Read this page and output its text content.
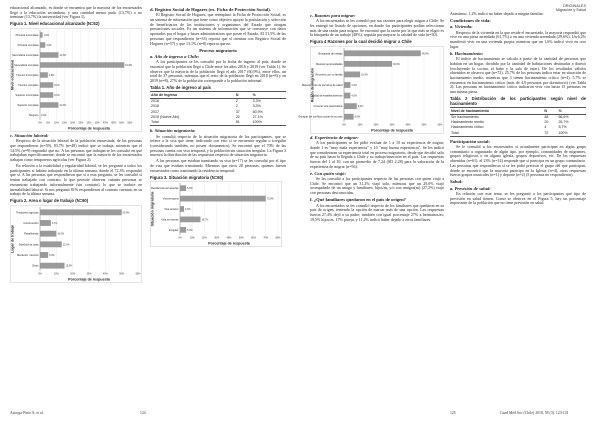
educacional alcanzado, es donde se encuentra que la mayoría de los encuestados llegó a la educación secundaria, y una cantidad menor pudo (13,7%) o no terminar (13,7%) la universidad (ver Figura 1).

Figura 1. Nivel educacional alcanzado (N=62)
Nivel educacional
0%	5%	10%	15%	20%	25%	30%	35%	40%	45%	50%	55%
Primaria incompleta 1,6%
Primaria completa	3,2%
Secundaria incompleta	11,3%
Secundaria completa	51,6%
Técnico incompleto	4,8%
Técnico completo	8,1%
Superior incompleta	8,1%
Superior completa	11,3%
Ninguno 0,0%
Porcentaje de respuesta
c. Situación laboral:

Respecto de la situación laboral de la población encuestada, de las personas que respondieron (n=59), 83,7% (n=48) indicó que se trabaja, mientras que el 14,5% (n=9) respondió que no. A las personas que trabajan se les consultó en qué trabajaban específicamente, donde se encontró que la mayoría de los encuestados trabajan como temporeros agrícolas (ver Figura 2).

En relación a la estabilidad y regularidad laboral, se les preguntó a todos los participantes si habían trabajado en la última semana, donde el 72,3% respondió que sí. A las personas que respondieron que sí a esta pregunta, se les consultó si tenían trabajado con contrato, lo que permite observar cuántas personas se encuentran trabajando informalmente (sin contrato), lo que se traduce en inestabilidad laboral. Si nos preguntó 81% respondieron al contrato cuentan, en su trabajo de la última semana.

Figura 2. Area o lugar de trabajo (N=60)
Lugar de trabajo
0%	10%	20%	30%	40%	50%	60%
Temporero agrícola	50,0%
Construcción	6,7%
Retail/tienda	10,0%
Dueño/a de casa	13,3%
Mecánico / técnico	5,0%
Otros	15,0%
Porcentaje de respuesta
d. Registro Social de Hogares (ex. Ficha de Protección Social).

El Registro Social de Hogares, que reemplazó la Ficha de Protección Social, es un sistema de información que tiene como objetivo apoyar la postulación y selección de beneficiarios de las instituciones y organismos del Estado que otorgan prestaciones sociales. Es un sistema de información que se construye con datos aportados por el hogar y bases administrativas que posee el Estado. El 51,5% de las personas que respondieron (n=33) reporta que sí cuentan con Registro Social de Hogares (n=57) y que 13,1% (n=8) reporta que no.

Proceso migratorio
a. Año de ingreso a Chile:

A los participantes se les consultó por la fecha de ingreso al país, donde se encontró que la población llegó a Chile entre los años 2016 y 2019 (ver Tabla 1). Se observa que la mayoría de la población llegó el año 2017 (60,9%), entre ellos, un total de 37 personas, mientras que el resto de la población llegó en 2018 (n=8) y en 2019 (n=8), 27% de la población corresponde a la población informal.

Tabla 1. Año de ingreso al país
Año de ingreso	N	%
2016	2	3,3%
2018	2	3,3%
2017	37	60,9%
2019 (Nueve Abr)	22	27,1%
Total	61	100%
b. Situación migratoria:

Se consultó respecto de la situación migratoria de los participantes, que se refiere a la visa que tiene, indicando con esto si se encuentra regular o irregular (considerando también, no poseer documentos). Se encontró que el 70% de las personas cuenta con visa temporal, y la población sin situación irregular. La Figura 3 muestra la distribución de las respuestas respecto de situación migratoria.

A las personas que estaban tramitando su visa (n=17) se les consultó por el tipo de visa que estaban tramitando. Mientras que otros 28 personas, quienes fueron encuestados como tramitando la residencia temporal.

Figura 3. Situación migratoria (N=60)
Situación migratoria
0%	10%	20%	30%	40%	50%	60%	70%	80%
Residencia permanente	5,0%
Visa temporal	70,0%
Visa turismo	3,3%
Visa en trámite	16,7%
Irregular	5,0%
Porcentaje de respuesta
Astorga-Pinto S, et al.	124
ORIGINALES
Migración y Salud
c. Razones para migrar:

A los encuestados se les consultó por sus razones para elegir migrar a Chile. Se les entregó un listado de opciones, en donde los participantes podían seleccionar más de una razón para migrar. Se encontró que la razón por la que más se eligió es la búsqueda de un trabajo (48%), seguida por mejorar la calidad de vida (n=30).

Figura 4 Razones por la cual decidió migrar a Chile
Razón de migración
0%	10%	20%	30%	40%	50%	60%
Búsqueda de trabajo	48,0%
Mejores oportunidades	30,0%
Reunirse con su familia	10,0%
Mejoramiento de servicios de salud	4,0%
Calidad de establecimientos	4,0%
Conocer otra país/cultura	8,0%
Escapar del conflicto social de su país	6,0%
Porcentaje de respuesta
d. Experiencia de migrar:

A los participantes se les pidió evaluar de 1 a 10 su experiencia de migrar, donde 1 es "muy mala experiencia" y 10 "muy buena experiencia". Se les indicó que consideraran su experiencia total en proceso migratorio, desde que decidió salir de su país hasta la llegada a Chile y su trabajo/inserción en el país. Las respuestas fueron del 1 al 10, con un promedio de 7,24 (SD 2,28) para la valoración de la experiencia de migrar (n=56).

e. Con quién viajó:

Se les consultó a los participantes respecto de las personas con quien viajó a Chile. Se encontró que un 31,2% viajó solo, mientras que un 29,0% viajó acompañado de un amigo y familiares, hijos/as, y/o con amigos(as) (27,2%) viajó con personas desconocidas.

f. ¿Qué familiares quedaron en el país de origen?

A los encuestados se les consultó respecto de los familiares que quedaron en su país de origen, teniendo la opción de marcar más de una opción. Las respuestas fueron 27,4% dejó a su padre; también con igual porcentaje 27% a hermanos/as; 19,5% hijos/as, 17% pareja, y 11,2% indicó haber dejado a otros familiares.

Asimismo, 1,2% indicó no haber dejado a ningún familiar.

Condiciones de vida:
a. Vivienda:

Respecto de la vivienda en la que reside el encuestado, la mayoría respondió que vive en una pieza arrendada (61,7%) o en una vivienda arrendada (29,6%). Un 6,2% manifestó vivir en una vivienda propia, mientras que un 1,6% indicó vivir en otro lugar.

b. Hacinamiento:

El índice de hacinamiento se calcula a partir de la cantidad de personas que habitan en un hogar, dividido por la cantidad de habitaciones destinadas a dormir (excluyendo la cocina, el baño y la sala de estar). De los resultados válidos obtenidos se observa que (n=72), 25,7% de los personas indica estar en situación de hacinamiento medio, mientras que 3 tienen hacinamiento crítico (n=4). 5,7% se encuentra en hacinamiento crítico (más de 4,9 personas por dormitorio) (ver Tabla 2). Las personas en hacinamiento crítico indicaron vivir con hasta 15 personas en una misma pieza.

Tabla 2 Distribución de los participantes según nivel de hacinamiento
Nivel de hacinamiento	N	%
Sin hacinamiento	48	66,6%
Hacinamiento medio	20	25,7%
Hacinamiento crítico	4	5,7%
Total	72	100%
Participación social:

Se le consultó a los encuestados si actualmente participan en algún grupo comunitario u organizado de algún tipo, por ejemplo, comunidades de migrantes, grupos religiosos o en alguna iglesia, grupos deportivos, etc. De las respuestas obtenidas (n=61), el 23% (n=14) responde que sí participa en un grupo comunitario. Las personas que respondieron sí se les pidió precisar el grupo del que participan, donde se encontró que la mayoría participa en la Iglesia (n=4), otras respuestas fueron grupos musicales (n=1) y deporte (n=2) (5 personas no respondieron).

Salud:
a. Previsión de salud:

En relación con este tema, se les preguntó a los participantes qué tipo de previsión en salud tienen. Como se observa en el Figura 5, hay un porcentaje importante de la población que no tiene previsión en salud.

125	Cuad Méd Soc (Chile) 2018, 58 (3): 123-131
